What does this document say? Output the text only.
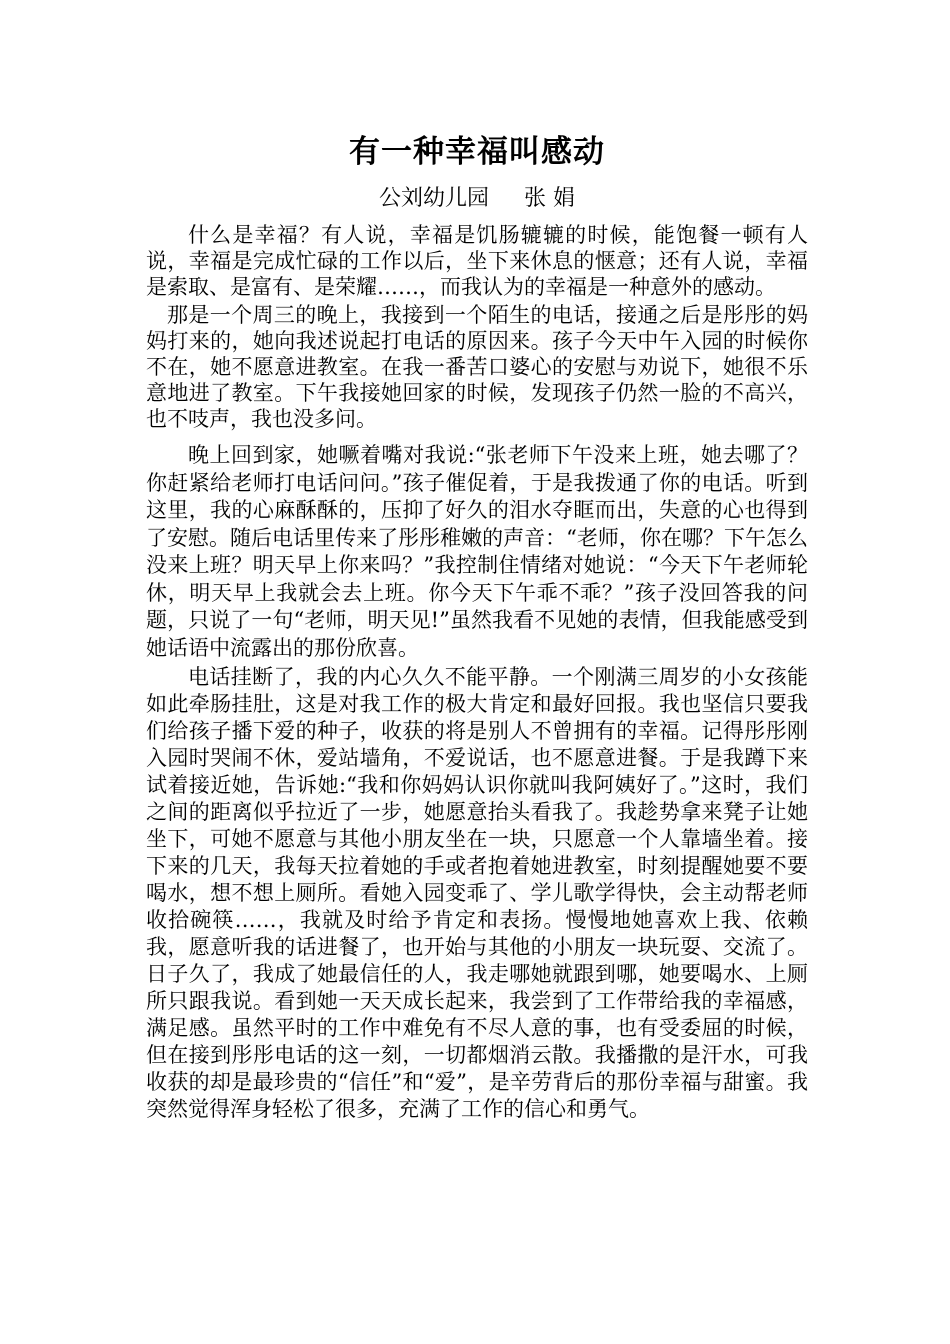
有一种幸福叫感动
公刘幼儿园     张 娟

什么是幸福？有人说，幸福是饥肠辘辘的时候，能饱餐一顿有人说，幸福是完成忙碌的工作以后，坐下来休息的惬意；还有人说，幸福是索取、是富有、是荣耀……，而我认为的幸福是一种意外的感动。

那是一个周三的晚上，我接到一个陌生的电话，接通之后是彤彤的妈妈打来的，她向我述说起打电话的原因来。孩子今天中午入园的时候你不在，她不愿意进教室。在我一番苦口婆心的安慰与劝说下，她很不乐意地进了教室。下午我接她回家的时候，发现孩子仍然一脸的不高兴，也不吱声，我也没多问。

晚上回到家，她噘着嘴对我说:“张老师下午没来上班，她去哪了？你赶紧给老师打电话问问。”孩子催促着，于是我拨通了你的电话。听到这里，我的心麻酥酥的，压抑了好久的泪水夺眶而出，失意的心也得到了安慰。随后电话里传来了彤彤稚嫩的声音：“老师，你在哪？下午怎么没来上班？明天早上你来吗？”我控制住情绪对她说：“今天下午老师轮休，明天早上我就会去上班。你今天下午乖不乖？”孩子没回答我的问题，只说了一句“老师，明天见!”虽然我看不见她的表情，但我能感受到她话语中流露出的那份欣喜。

电话挂断了，我的内心久久不能平静。一个刚满三周岁的小女孩能如此牵肠挂肚，这是对我工作的极大肯定和最好回报。我也坚信只要我们给孩子播下爱的种子，收获的将是别人不曾拥有的幸福。记得彤彤刚入园时哭闹不休，爱站墙角，不爱说话，也不愿意进餐。于是我蹲下来试着接近她，告诉她:“我和你妈妈认识你就叫我阿姨好了。”这时，我们之间的距离似乎拉近了一步，她愿意抬头看我了。我趁势拿来凳子让她坐下，可她不愿意与其他小朋友坐在一块，只愿意一个人靠墙坐着。接下来的几天，我每天拉着她的手或者抱着她进教室，时刻提醒她要不要喝水，想不想上厕所。看她入园变乖了、学儿歌学得快，会主动帮老师收拾碗筷……，我就及时给予肯定和表扬。慢慢地她喜欢上我、依赖我，愿意听我的话进餐了，也开始与其他的小朋友一块玩耍、交流了。日子久了，我成了她最信任的人，我走哪她就跟到哪，她要喝水、上厕所只跟我说。看到她一天天成长起来，我尝到了工作带给我的幸福感，满足感。虽然平时的工作中难免有不尽人意的事，也有受委屈的时候，但在接到彤彤电话的这一刻，一切都烟消云散。我播撒的是汗水，可我收获的却是最珍贵的“信任”和“爱”，是辛劳背后的那份幸福与甜蜜。我突然觉得浑身轻松了很多，充满了工作的信心和勇气。
